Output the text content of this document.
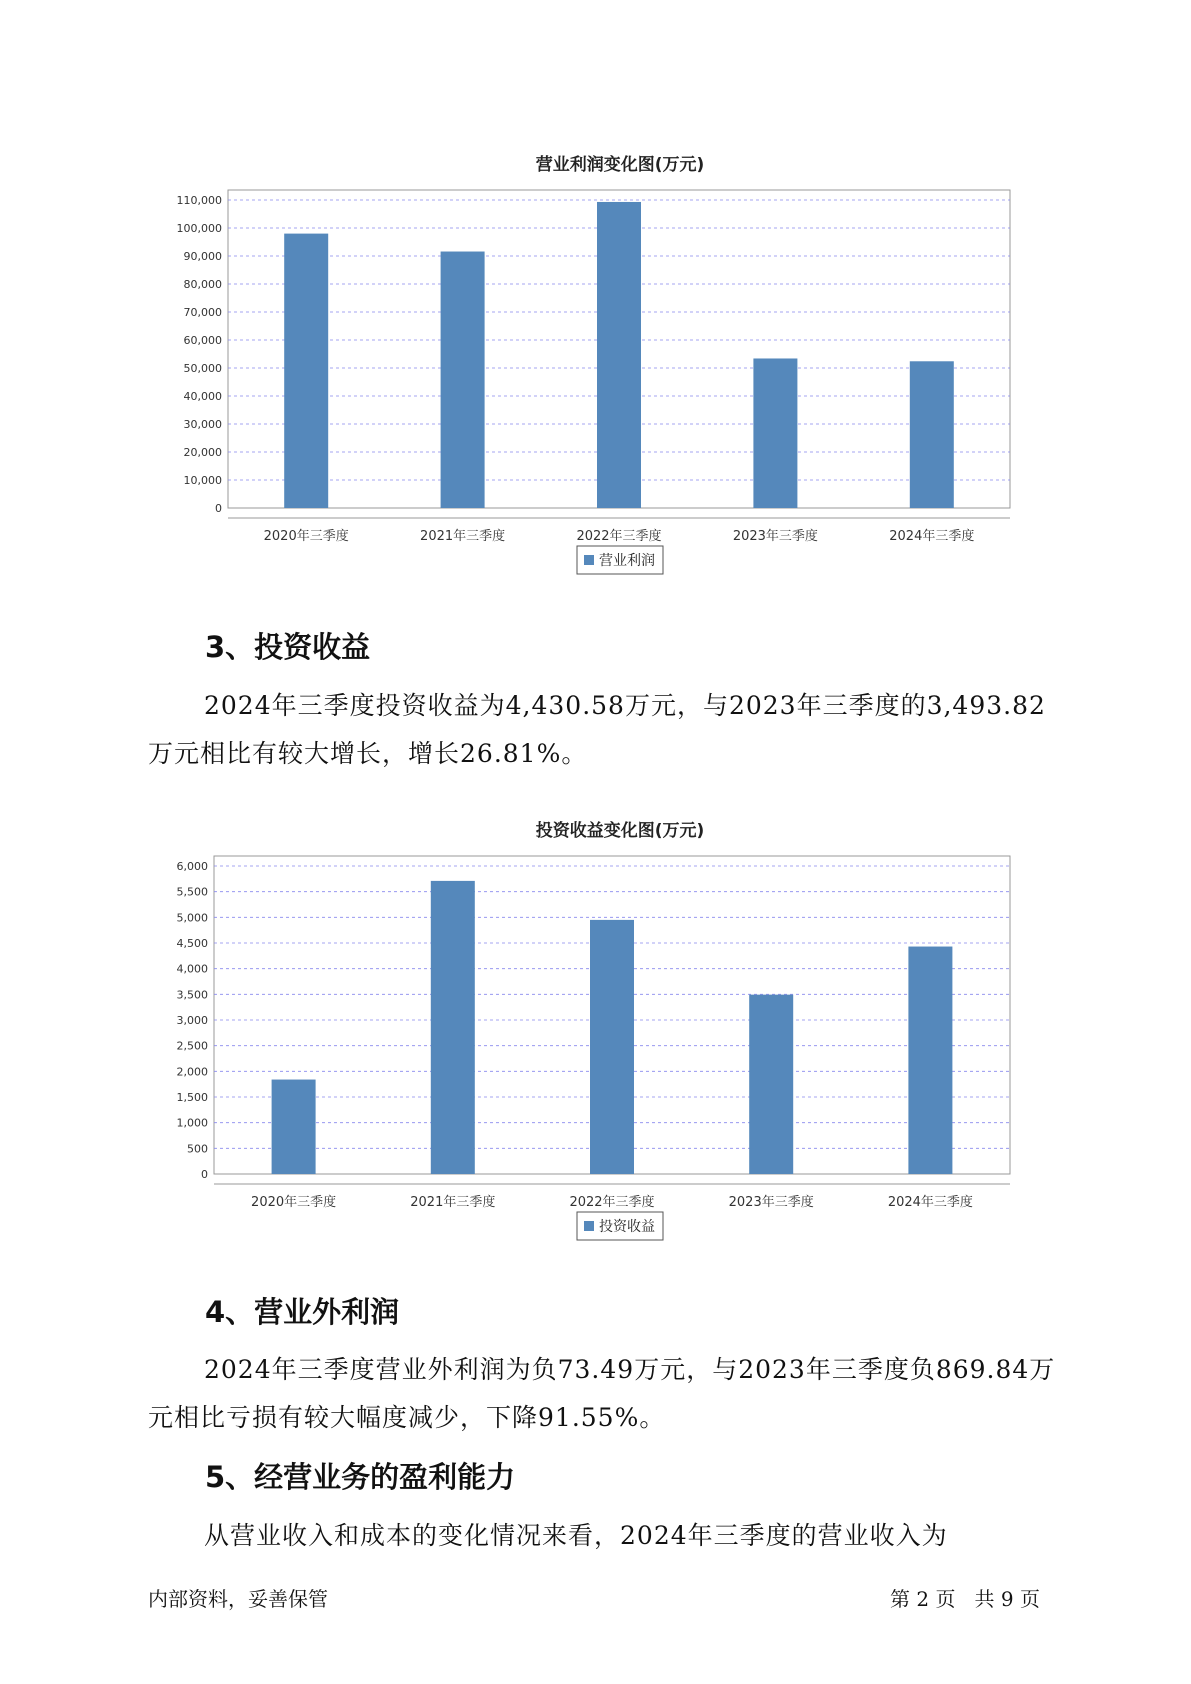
营业利润变化图(万元)
0
10,000
20,000
30,000
40,000
50,000
60,000
70,000
80,000
90,000
100,000
110,000
2020年三季度	2021年三季度	2022年三季度	2023年三季度	2024年三季度
营业利润
3、投资收益

2024年三季度投资收益为4,430.58万元，与2023年三季度的3,493.82万元相比有较大增长，增长26.81%。

投资收益变化图(万元)
0
500
1,000
1,500
2,000
2,500
3,000
3,500
4,000
4,500
5,000
5,500
6,000
2020年三季度	2021年三季度	2022年三季度	2023年三季度	2024年三季度
投资收益
4、营业外利润

2024年三季度营业外利润为负73.49万元，与2023年三季度负869.84万元相比亏损有较大幅度减少，下降91.55%。

5、经营业务的盈利能力

从营业收入和成本的变化情况来看，2024年三季度的营业收入为

内部资料，妥善保管	第 2 页   共 9 页
